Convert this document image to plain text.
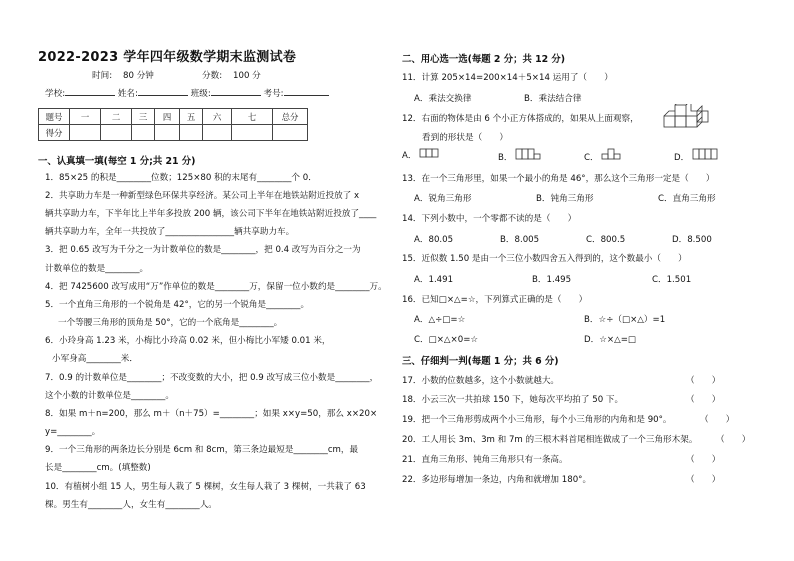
2022-2023 学年四年级数学期末监测试卷
时间: 80 分钟	分数: 100 分
学校:	姓名:	班级:	考号:
题号	一	二	三	四	五	六	七	总分
得分								
一、认真填一填(每空 1 分;共 21 分)
1．85×25 的积是________位数；125×80 积的末尾有________个 0．
2．共享助力车是一种新型绿色环保共享经济。某公司上半年在地铁站附近投放了 x
辆共享助力车，下半年比上半年多投放 200 辆，该公司下半年在地铁站附近投放了____
辆共享助力车，全年一共投放了________________辆共享助力车。
3．把 0.65 改写为千分之一为计数单位的数是________，把 0.4 改写为百分之一为
计数单位的数是________。
4．把 7425600 改写成用“万”作单位的数是________万，保留一位小数约是________万。
5．一个直角三角形的一个锐角是 42°，它的另一个锐角是________。
一个等腰三角形的顶角是 50°，它的一个底角是________。
6．小玲身高 1.23 米，小梅比小玲高 0.02 米，但小梅比小军矮 0.01 米，
小军身高________米．
7．0.9 的计数单位是________；不改变数的大小，把 0.9 改写成三位小数是________，
这个小数的计数单位是________。
8．如果 m＋n=200，那么 m＋（n＋75）=________；如果 x×y=50，那么 x×20×
y=________。
9．一个三角形的两条边长分别是 6cm 和 8cm，第三条边最短是________cm，最
长是________cm。(填整数)
10．有植树小组 15 人，男生每人栽了 5 棵树，女生每人栽了 3 棵树，一共栽了 63
棵。男生有________人，女生有________人。
二、用心选一选(每题 2 分；共 12 分)
11．计算 205×14=200×14＋5×14 运用了（　　）
A．乘法交换律	B．乘法结合律
12．右面的物体是由 6 个小正方体搭成的，如果从上面观察，
看到的形状是（　　）
A．	B．	C．	D．
13．在一个三角形里，如果一个最小的角是 46°，那么这个三角形一定是（　　）
A．锐角三角形	B．钝角三角形	C．直角三角形
14．下列小数中，一个零都不读的是（　　）
A．80.05	B．8.005	C．800.5	D．8.500
15．近似数 1.50 是由一个三位小数四舍五入得到的，这个数最小（　　）
A．1.491	B．1.495	C．1.501
16．已知□×△=☆，下列算式正确的是（　　）
A．△÷□=☆	B．☆÷（□×△）=1
C．□×△×0=☆	D．☆×△=□
三、仔细判一判(每题 1 分；共 6 分)
17．小数的位数越多，这个小数就越大。	（　　）
18．小云三次一共拍球 150 下，她每次平均拍了 50 下。	（　　）
19．把一个三角形剪成两个小三角形，每个小三角形的内角和是 90°。	（　　）
20．工人用长 3m、3m 和 7m 的三根木料首尾相连做成了一个三角形木架。 （　　）
21．直角三角形、钝角三角形只有一条高。	（　　）
22．多边形每增加一条边，内角和就增加 180°。	（　　）
